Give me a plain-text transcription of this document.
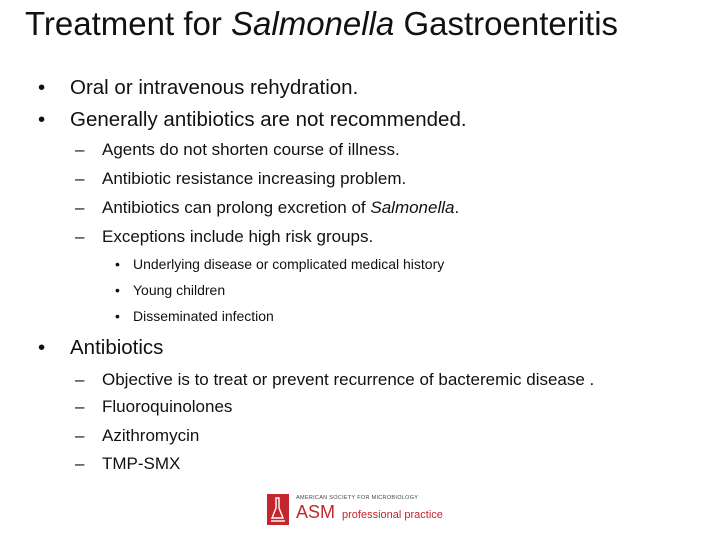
Treatment for Salmonella Gastroenteritis
• Oral or intravenous rehydration.
• Generally antibiotics are not recommended.
– Agents do not shorten course of illness.
– Antibiotic resistance increasing problem.
– Antibiotics can prolong excretion of Salmonella.
– Exceptions include high risk groups.
• Underlying disease or complicated medical history
• Young children
• Disseminated infection
• Antibiotics
– Objective is to treat or prevent recurrence of bacteremic disease .
– Fluoroquinolones
– Azithromycin
– TMP-SMX
AMERICAN SOCIETY FOR MICROBIOLOGY
ASM professional practice
